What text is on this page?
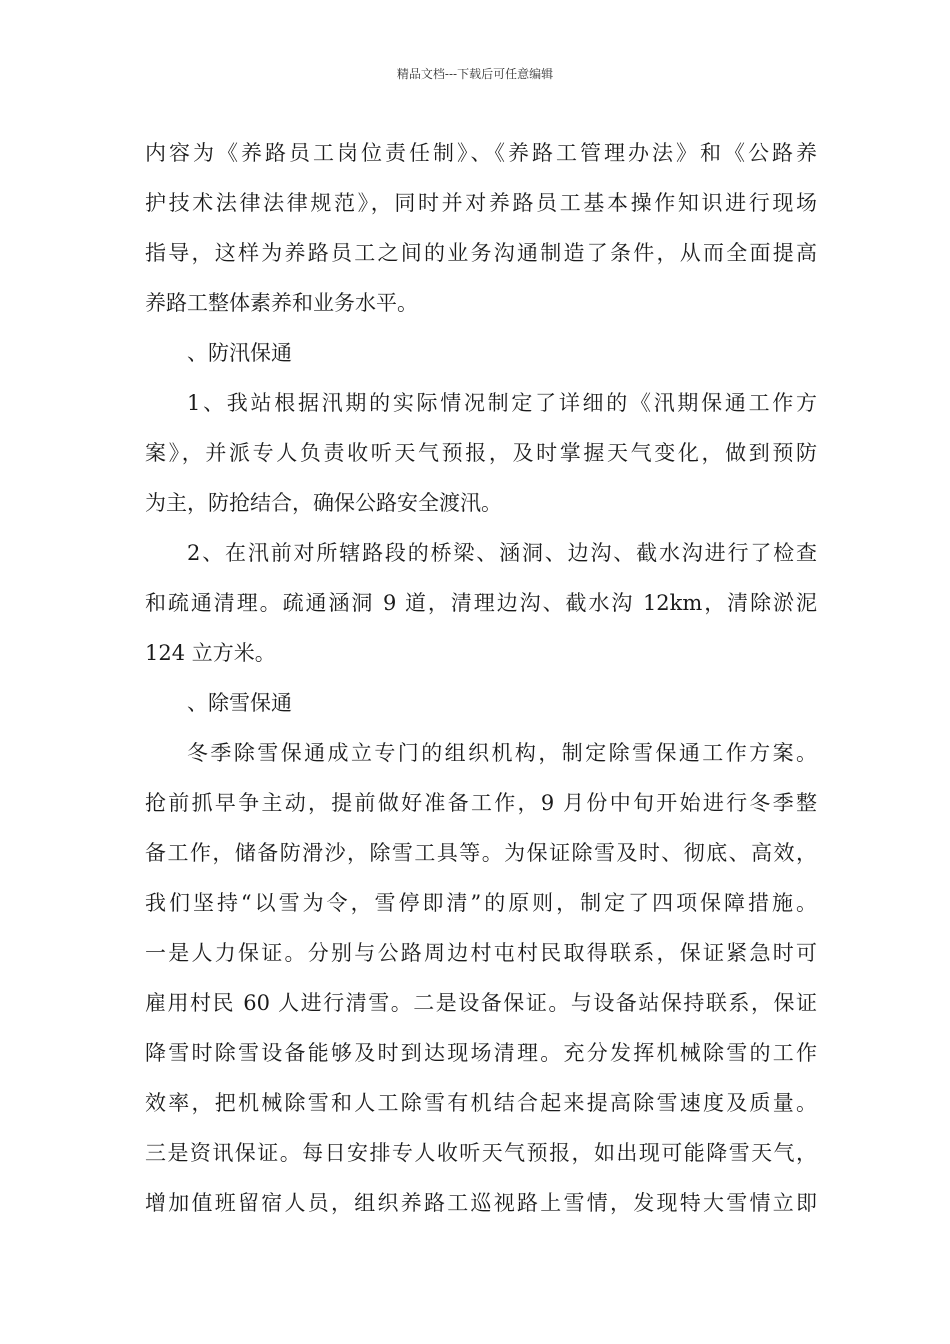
精品文档---下载后可任意编辑
内容为《养路员工岗位责任制》、《养路工管理办法》和《公路养
护技术法律法律规范》，同时并对养路员工基本操作知识进行现场
指导，这样为养路员工之间的业务沟通制造了条件，从而全面提高
养路工整体素养和业务水平。
、防汛保通
1、我站根据汛期的实际情况制定了详细的《汛期保通工作方
案》，并派专人负责收听天气预报，及时掌握天气变化，做到预防
为主，防抢结合，确保公路安全渡汛。
2、在汛前对所辖路段的桥梁、涵洞、边沟、截水沟进行了检查
和疏通清理。疏通涵洞 9 道，清理边沟、截水沟 12km，清除淤泥
124 立方米。
、除雪保通
冬季除雪保通成立专门的组织机构，制定除雪保通工作方案。
抢前抓早争主动，提前做好准备工作，9 月份中旬开始进行冬季整
备工作，储备防滑沙，除雪工具等。为保证除雪及时、彻底、高效，
我们坚持“以雪为令，雪停即清”的原则，制定了四项保障措施。
一是人力保证。分别与公路周边村屯村民取得联系，保证紧急时可
雇用村民 60 人进行清雪。二是设备保证。与设备站保持联系，保证
降雪时除雪设备能够及时到达现场清理。充分发挥机械除雪的工作
效率，把机械除雪和人工除雪有机结合起来提高除雪速度及质量。
三是资讯保证。每日安排专人收听天气预报，如出现可能降雪天气，
增加值班留宿人员，组织养路工巡视路上雪情，发现特大雪情立即
